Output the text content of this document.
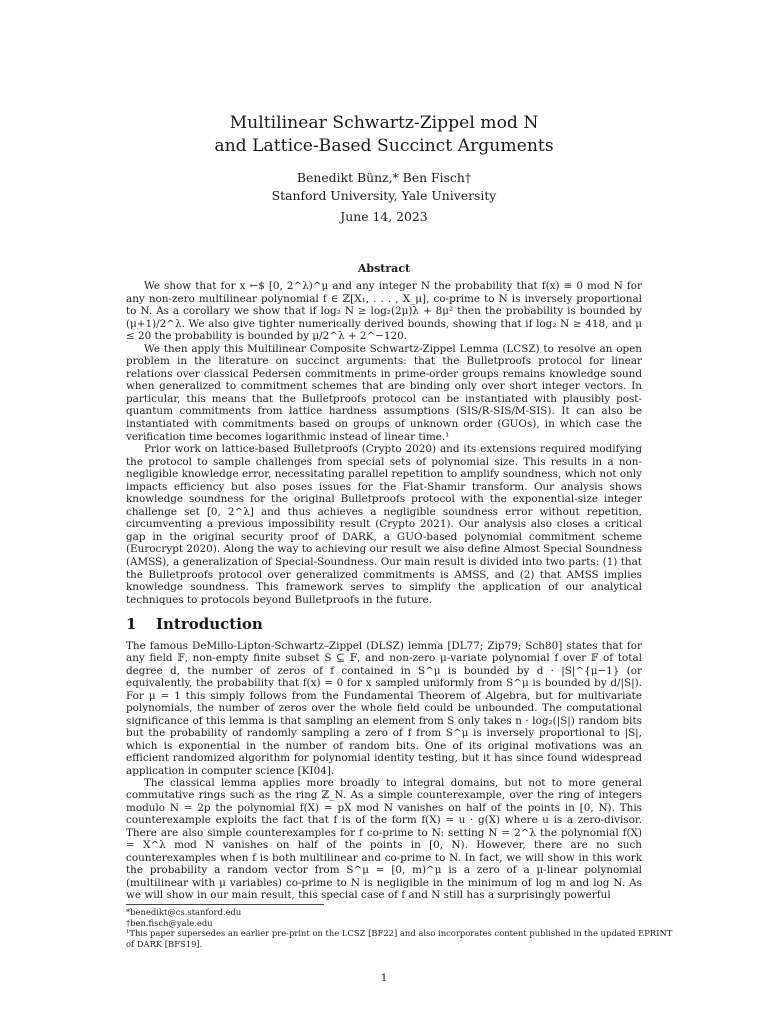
Multilinear Schwartz-Zippel mod N
and Lattice-Based Succinct Arguments
Benedikt Bünz,* Ben Fisch†
Stanford University, Yale University
June 14, 2023
Abstract

We show that for x ←$ [0, 2^λ)^μ and any integer N the probability that f(x) ≡ 0 mod N for any non-zero multilinear polynomial f ∈ ℤ[X₁, . . . , X_μ], co-prime to N is inversely proportional to N. As a corollary we show that if log₂ N ≥ log₂(2μ)λ + 8μ² then the probability is bounded by (μ+1)/2^λ. We also give tighter numerically derived bounds, showing that if log₂ N ≥ 418, and μ ≤ 20 the probability is bounded by μ/2^λ + 2^−120.

We then apply this Multilinear Composite Schwartz-Zippel Lemma (LCSZ) to resolve an open problem in the literature on succinct arguments: that the Bulletproofs protocol for linear relations over classical Pedersen commitments in prime-order groups remains knowledge sound when generalized to commitment schemes that are binding only over short integer vectors. In particular, this means that the Bulletproofs protocol can be instantiated with plausibly post-quantum commitments from lattice hardness assumptions (SIS/R-SIS/M-SIS). It can also be instantiated with commitments based on groups of unknown order (GUOs), in which case the verification time becomes logarithmic instead of linear time.¹

Prior work on lattice-based Bulletproofs (Crypto 2020) and its extensions required modifying the protocol to sample challenges from special sets of polynomial size. This results in a non-negligible knowledge error, necessitating parallel repetition to amplify soundness, which not only impacts efficiency but also poses issues for the Fiat-Shamir transform. Our analysis shows knowledge soundness for the original Bulletproofs protocol with the exponential-size integer challenge set [0, 2^λ] and thus achieves a negligible soundness error without repetition, circumventing a previous impossibility result (Crypto 2021). Our analysis also closes a critical gap in the original security proof of DARK, a GUO-based polynomial commitment scheme (Eurocrypt 2020). Along the way to achieving our result we also define Almost Special Soundness (AMSS), a generalization of Special-Soundness. Our main result is divided into two parts: (1) that the Bulletproofs protocol over generalized commitments is AMSS, and (2) that AMSS implies knowledge soundness. This framework serves to simplify the application of our analytical techniques to protocols beyond Bulletproofs in the future.

1 Introduction

The famous DeMillo-Lipton-Schwartz–Zippel (DLSZ) lemma [DL77; Zip79; Sch80] states that for any field 𝔽, non-empty finite subset S ⊆ 𝔽, and non-zero μ-variate polynomial f over 𝔽 of total degree d, the number of zeros of f contained in S^μ is bounded by d · |S|^{μ−1} (or equivalently, the probability that f(x) = 0 for x sampled uniformly from S^μ is bounded by d/|S|). For μ = 1 this simply follows from the Fundamental Theorem of Algebra, but for multivariate polynomials, the number of zeros over the whole field could be unbounded. The computational significance of this lemma is that sampling an element from S only takes n · log₂(|S|) random bits but the probability of randomly sampling a zero of f from S^μ is inversely proportional to |S|, which is exponential in the number of random bits. One of its original motivations was an efficient randomized algorithm for polynomial identity testing, but it has since found widespread application in computer science [KI04].

The classical lemma applies more broadly to integral domains, but not to more general commutative rings such as the ring ℤ_N. As a simple counterexample, over the ring of integers modulo N = 2p the polynomial f(X) = pX mod N vanishes on half of the points in [0, N). This counterexample exploits the fact that f is of the form f(X) = u · g(X) where u is a zero-divisor. There are also simple counterexamples for f co-prime to N: setting N = 2^λ the polynomial f(X) = X^λ mod N vanishes on half of the points in [0, N). However, there are no such counterexamples when f is both multilinear and co-prime to N. In fact, we will show in this work the probability a random vector from S^μ = [0, m)^μ is a zero of a μ-linear polynomial (multilinear with μ variables) co-prime to N is negligible in the minimum of log m and log N. As we will show in our main result, this special case of f and N still has a surprisingly powerful

*benedikt@cs.stanford.edu
†ben.fisch@yale.edu
¹This paper supersedes an earlier pre-print on the LCSZ [BF22] and also incorporates content published in the updated EPRINT of DARK [BFS19].
1
